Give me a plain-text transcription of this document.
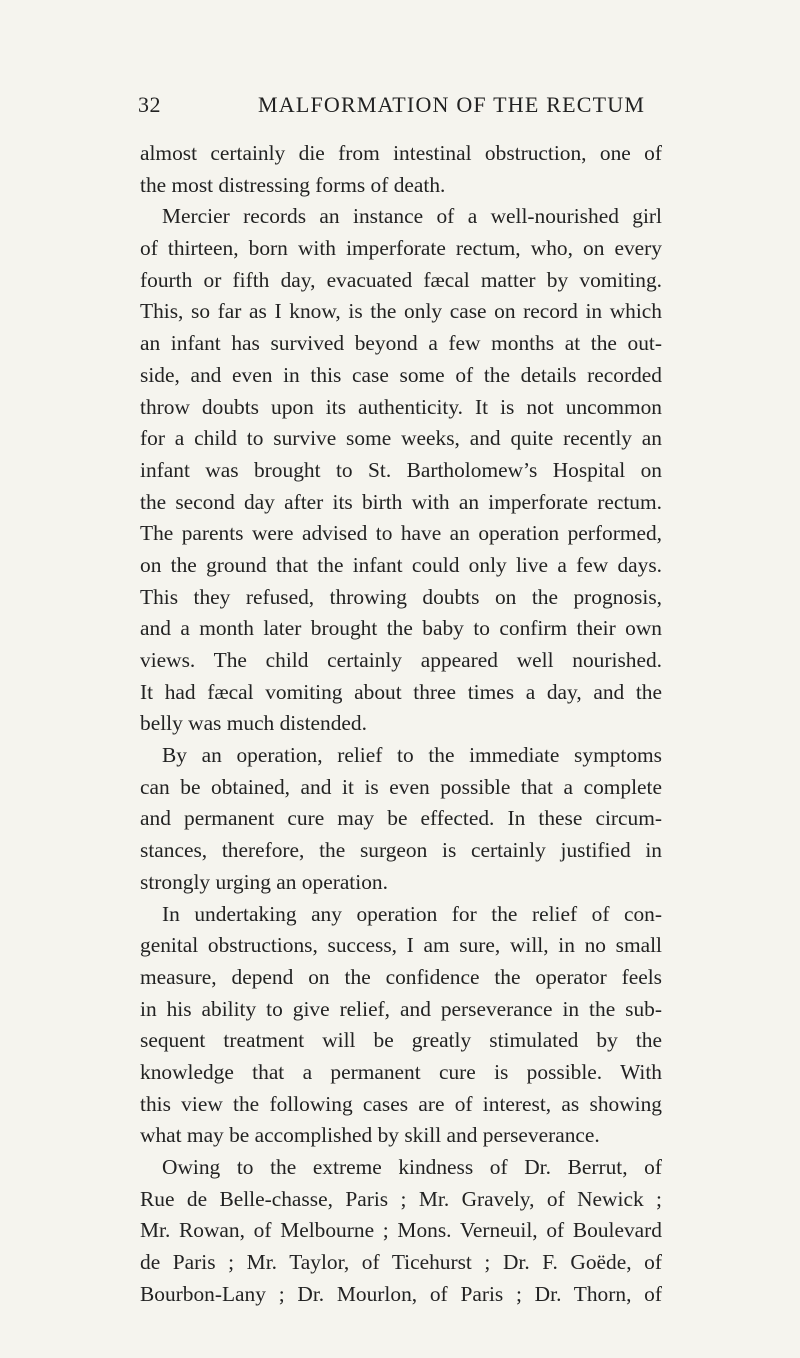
32	MALFORMATION OF THE RECTUM
almost certainly die from intestinal obstruction, one of
the most distressing forms of death.
Mercier records an instance of a well-nourished girl
of thirteen, born with imperforate rectum, who, on every
fourth or fifth day, evacuated fæcal matter by vomiting.
This, so far as I know, is the only case on record in which
an infant has survived beyond a few months at the out-
side, and even in this case some of the details recorded
throw doubts upon its authenticity. It is not uncommon
for a child to survive some weeks, and quite recently an
infant was brought to St. Bartholomew’s Hospital on
the second day after its birth with an imperforate rectum.
The parents were advised to have an operation performed,
on the ground that the infant could only live a few days.
This they refused, throwing doubts on the prognosis,
and a month later brought the baby to confirm their own
views. The child certainly appeared well nourished.
It had fæcal vomiting about three times a day, and the
belly was much distended.
By an operation, relief to the immediate symptoms
can be obtained, and it is even possible that a complete
and permanent cure may be effected. In these circum-
stances, therefore, the surgeon is certainly justified in
strongly urging an operation.
In undertaking any operation for the relief of con-
genital obstructions, success, I am sure, will, in no small
measure, depend on the confidence the operator feels
in his ability to give relief, and perseverance in the sub-
sequent treatment will be greatly stimulated by the
knowledge that a permanent cure is possible. With
this view the following cases are of interest, as showing
what may be accomplished by skill and perseverance.
Owing to the extreme kindness of Dr. Berrut, of
Rue de Belle-chasse, Paris ; Mr. Gravely, of Newick ;
Mr. Rowan, of Melbourne ; Mons. Verneuil, of Boulevard
de Paris ; Mr. Taylor, of Ticehurst ; Dr. F. Goëde, of
Bourbon-Lany ; Dr. Mourlon, of Paris ; Dr. Thorn, of
